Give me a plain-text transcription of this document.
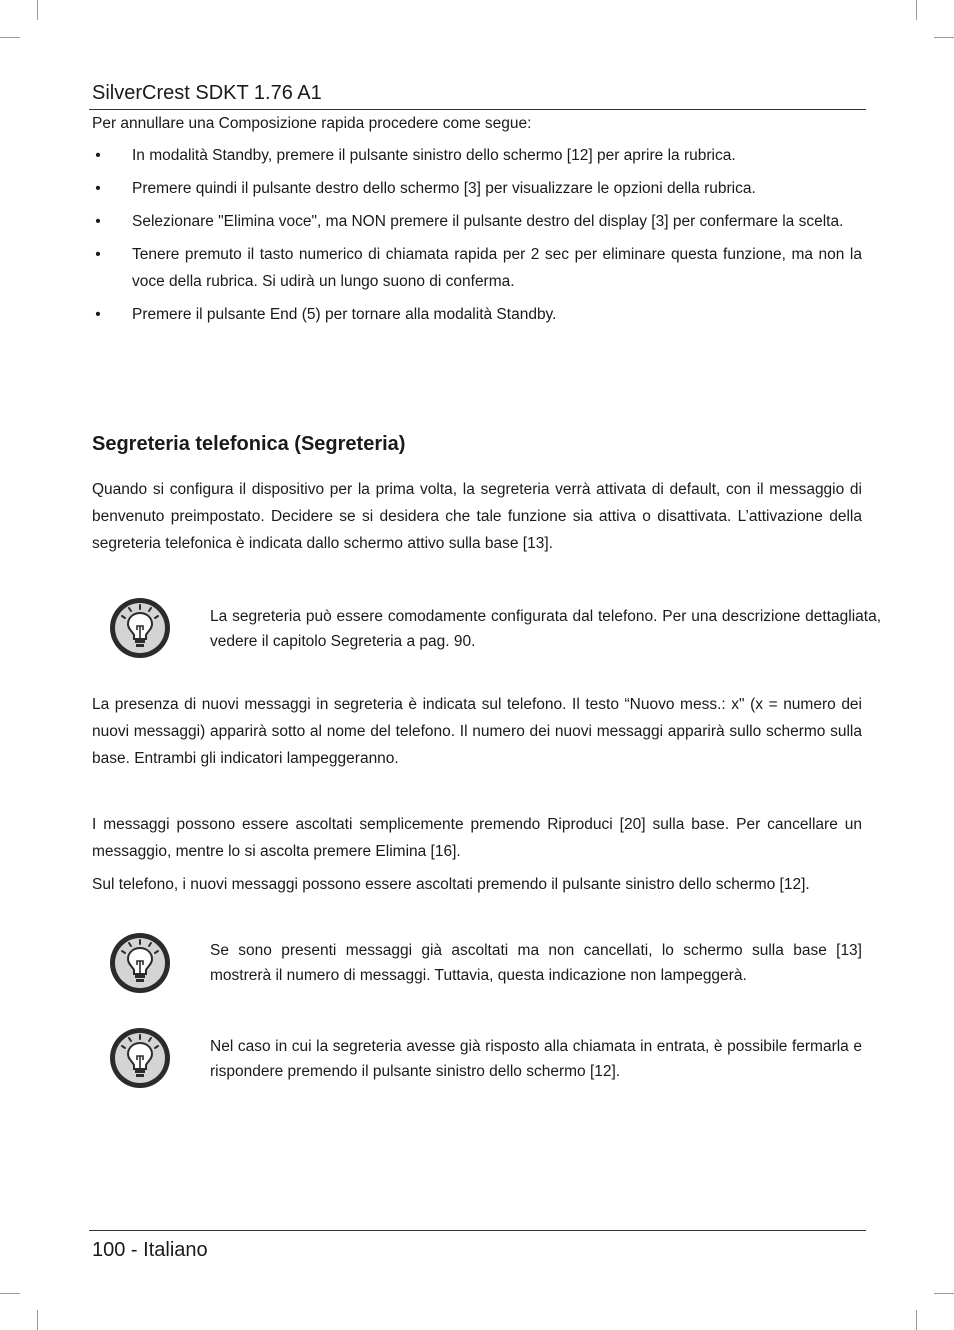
SilverCrest SDKT 1.76 A1
Per annullare una Composizione rapida procedere come segue:
• In modalità Standby, premere il pulsante sinistro dello schermo [12] per aprire la rubrica.
• Premere quindi il pulsante destro dello schermo [3] per visualizzare le opzioni della rubrica.
• Selezionare "Elimina voce", ma NON premere il pulsante destro del display [3] per confermare la scelta.
• Tenere premuto il tasto numerico di chiamata rapida per 2 sec per eliminare questa funzione, ma non la voce della rubrica. Si udirà un lungo suono di conferma.
• Premere il pulsante End (5) per tornare alla modalità Standby.
Segreteria telefonica (Segreteria)
Quando si configura il dispositivo per la prima volta, la segreteria verrà attivata di default, con il messaggio di benvenuto preimpostato. Decidere se si desidera che tale funzione sia attiva o disattivata. L’attivazione della segreteria telefonica è indicata dallo schermo attivo sulla base [13].
La segreteria può essere comodamente configurata dal telefono. Per una descrizione dettagliata, vedere il capitolo Segreteria a pag. 90.
La presenza di nuovi messaggi in segreteria è indicata sul telefono. Il testo “Nuovo mess.: x" (x = numero dei nuovi messaggi) apparirà sotto al nome del telefono. Il numero dei nuovi messaggi apparirà sullo schermo sulla base. Entrambi gli indicatori lampeggeranno.
I messaggi possono essere ascoltati semplicemente premendo Riproduci [20] sulla base. Per cancellare un messaggio, mentre lo si ascolta premere Elimina [16].
Sul telefono, i nuovi messaggi possono essere ascoltati premendo il pulsante sinistro dello schermo [12].
Se sono presenti messaggi già ascoltati ma non cancellati, lo schermo sulla base [13] mostrerà il numero di messaggi. Tuttavia, questa indicazione non lampeggerà.
Nel caso in cui la segreteria avesse già risposto alla chiamata in entrata, è possibile fermarla e rispondere premendo il pulsante sinistro dello schermo [12].
100 - Italiano
